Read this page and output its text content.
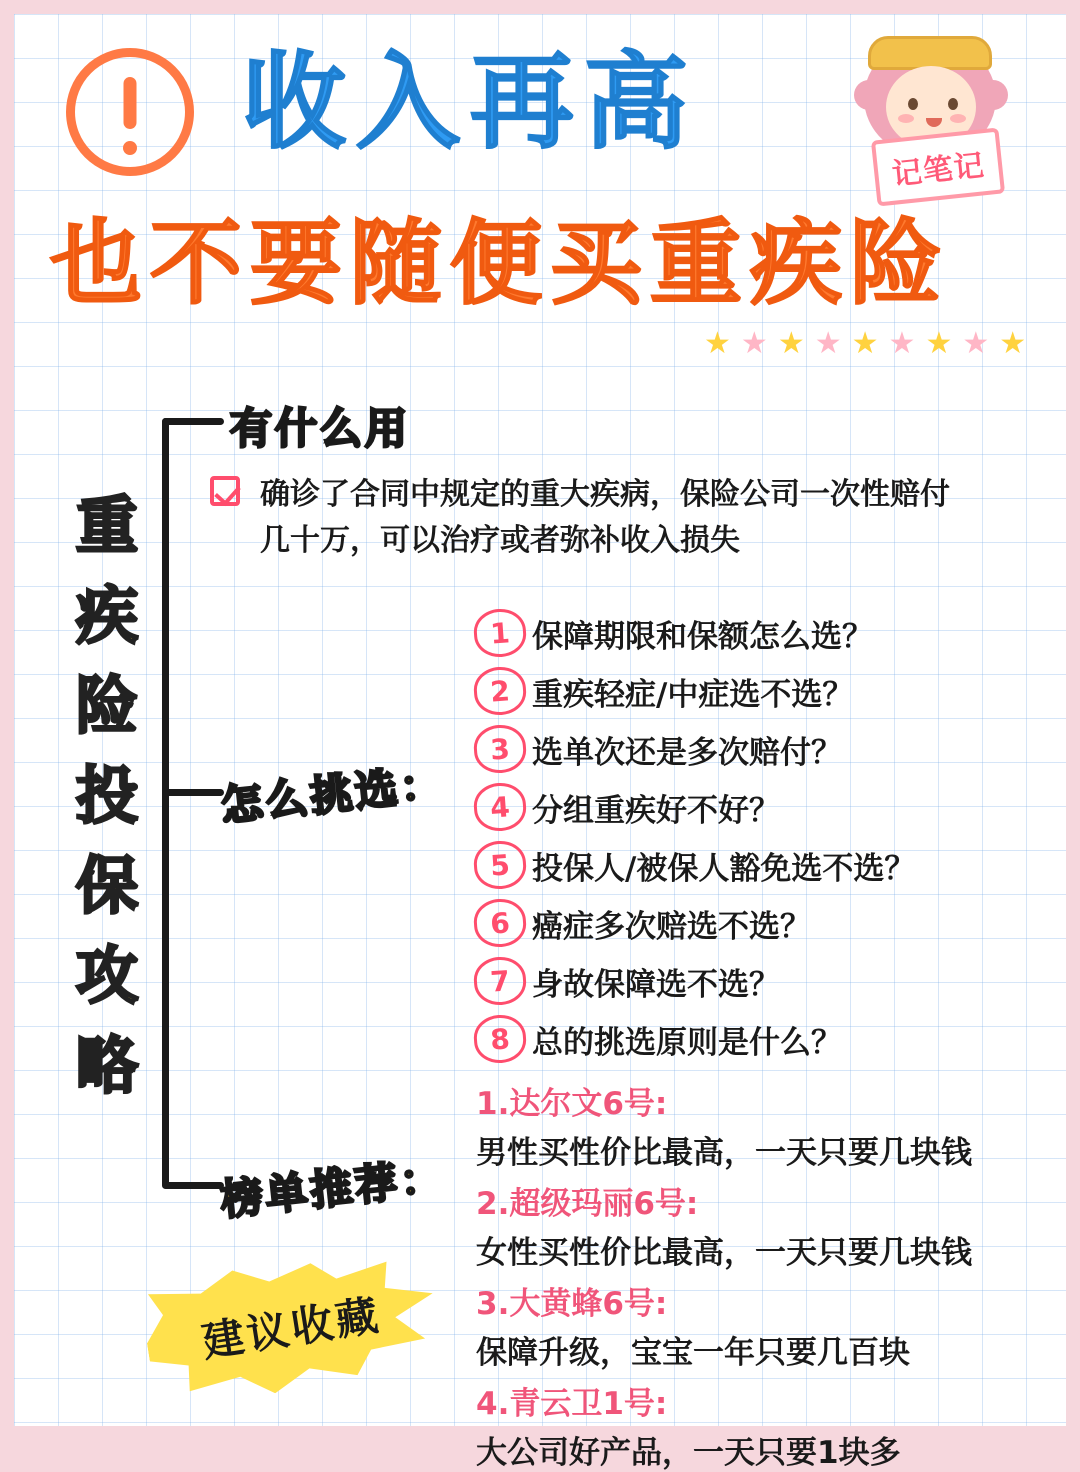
收入再高
也不要随便买重疾险
记笔记
★ ★ ★ ★ ★ ★ ★ ★ ★
重
疾
险
投
保
攻
略
有什么用
确诊了合同中规定的重大疾病，保险公司一次性赔付几十万，可以治疗或者弥补收入损失
怎么挑选：
1 保障期限和保额怎么选？
2 重疾轻症/中症选不选？
3 选单次还是多次赔付？
4 分组重疾好不好？
5 投保人/被保人豁免选不选？
6 癌症多次赔选不选？
7 身故保障选不选？
8 总的挑选原则是什么？
榜单推荐：
1.达尔文6号:
男性买性价比最高，一天只要几块钱
2.超级玛丽6号:
女性买性价比最高，一天只要几块钱
3.大黄蜂6号:
保障升级，宝宝一年只要几百块
4.青云卫1号:
大公司好产品，一天只要1块多
建议收藏
